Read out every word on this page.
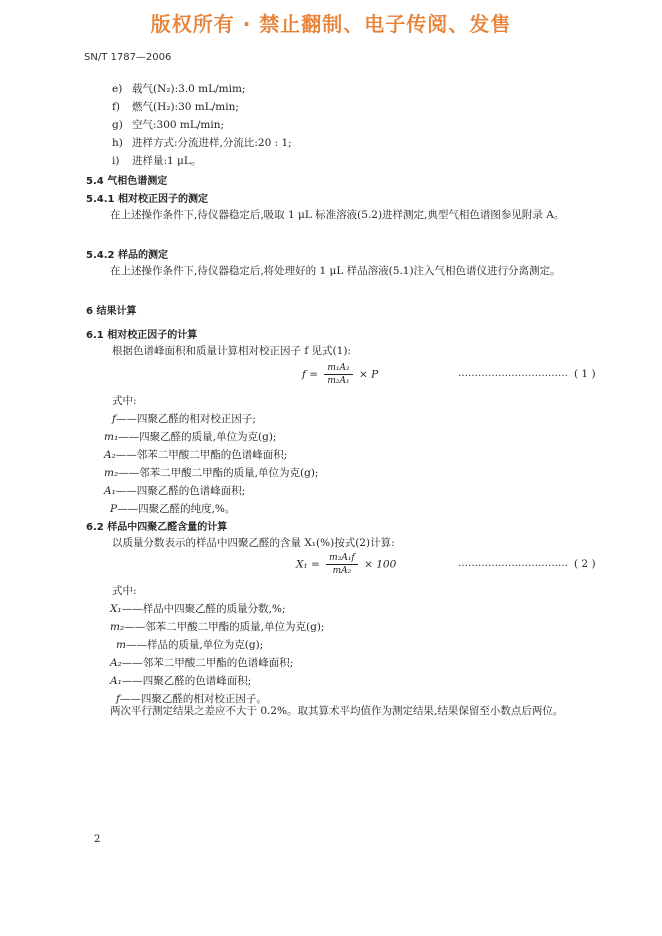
版权所有 · 禁止翻制、电子传阅、发售
SN/T 1787—2006
e) 载气(N₂):3.0 mL/mim;
f) 燃气(H₂):30 mL/min;
g) 空气:300 mL/min;
h) 进样方式:分流进样,分流比:20 : 1;
i) 进样量:1 μL。
5.4 气相色谱测定
5.4.1 相对校正因子的测定
在上述操作条件下,待仪器稳定后,吸取 1 μL 标准溶液(5.2)进样测定,典型气相色谱图参见附录 A。
5.4.2 样品的测定
在上述操作条件下,待仪器稳定后,将处理好的 1 μL 样品溶液(5.1)注入气相色谱仪进行分离测定。
6 结果计算
6.1 相对校正因子的计算
根据色谱峰面积和质量计算相对校正因子 f 见式(1):
$f = \frac{\text{m₁A₂}}{\text{m₂A₁}} \times P$	…………………………… ( 1 )
式中:
f——四聚乙醛的相对校正因子;
m₁——四聚乙醛的质量,单位为克(g);
A₂——邻苯二甲酸二甲酯的色谱峰面积;
m₂——邻苯二甲酸二甲酯的质量,单位为克(g);
A₁——四聚乙醛的色谱峰面积;
P——四聚乙醛的纯度,%。
6.2 样品中四聚乙醛含量的计算
以质量分数表示的样品中四聚乙醛的含量 X₁(%)按式(2)计算:
$X_1 = \frac{\text{m₂A₁f}}{\text{mA₂}} \times 100$	…………………………… ( 2 )
式中:
X₁——样品中四聚乙醛的质量分数,%;
m₂——邻苯二甲酸二甲酯的质量,单位为克(g);
m——样品的质量,单位为克(g);
A₂——邻苯二甲酸二甲酯的色谱峰面积;
A₁——四聚乙醛的色谱峰面积;
f——四聚乙醛的相对校正因子。
两次平行测定结果之差应不大于 0.2%。取其算术平均值作为测定结果,结果保留至小数点后两位。
2
